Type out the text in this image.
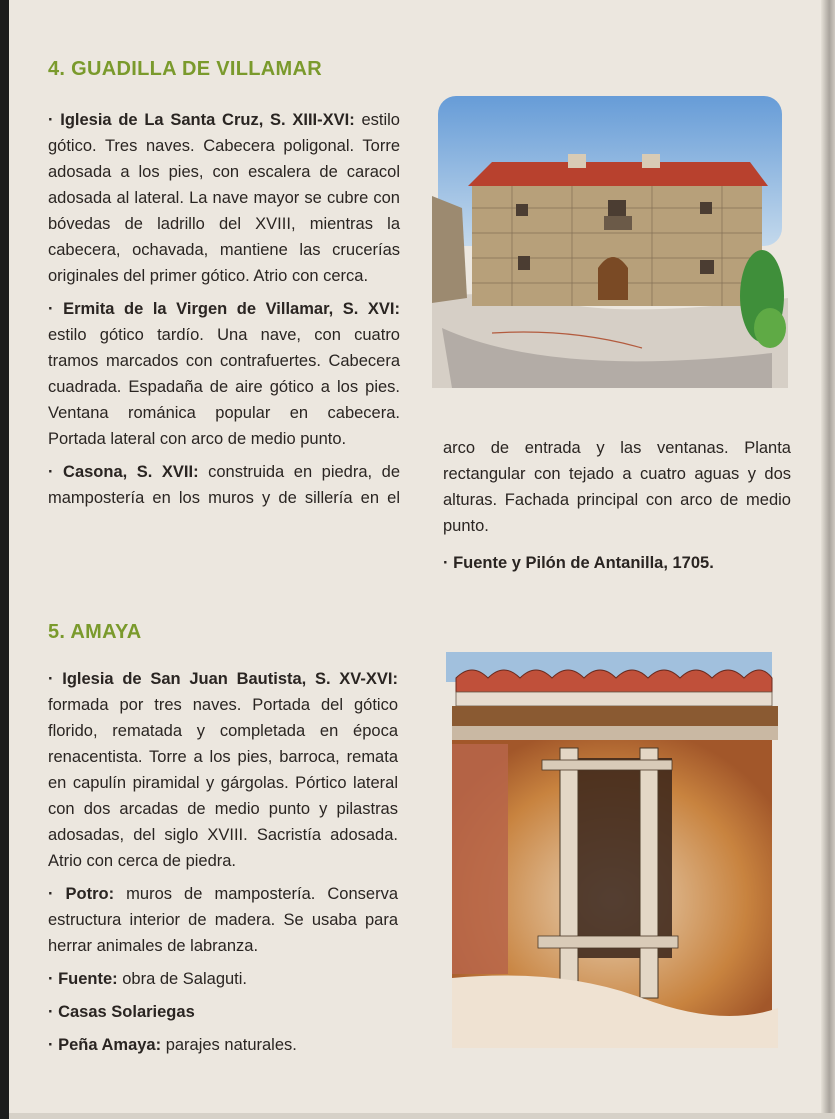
4. GUADILLA DE VILLAMAR

· Iglesia de La Santa Cruz, S. XIII-XVI: estilo gótico. Tres naves. Cabecera poligonal. Torre adosada a los pies, con escalera de caracol adosada al lateral. La nave mayor se cubre con bóvedas de ladrillo del XVIII, mientras la cabecera, ochavada, mantiene las crucerías originales del primer gótico. Atrio con cerca.

· Ermita de la Virgen de Villamar, S. XVI: estilo gótico tardío. Una nave, con cuatro tramos marcados con contrafuertes. Cabecera cuadrada. Espadaña de aire gótico a los pies. Ventana románica popular en cabecera. Portada lateral con arco de medio punto.

· Casona, S. XVII: construida en piedra, de mampostería en los muros y de sillería en el

arco de entrada y las ventanas. Planta rectangular con tejado a cuatro aguas y dos alturas. Fachada principal con arco de medio punto.

· Fuente y Pilón de Antanilla, 1705.

5. AMAYA

· Iglesia de San Juan Bautista, S. XV-XVI: formada por tres naves. Portada del gótico florido, rematada y completada en época renacentista. Torre a los pies, barroca, remata en capulín piramidal y gárgolas. Pórtico lateral con dos arcadas de medio punto y pilastras adosadas, del siglo XVIII. Sacristía adosada. Atrio con cerca de piedra.

· Potro: muros de mampostería. Conserva estructura interior de madera. Se usaba para herrar animales de labranza.

· Fuente: obra de Salaguti.

· Casas Solariegas

· Peña Amaya: parajes naturales.
